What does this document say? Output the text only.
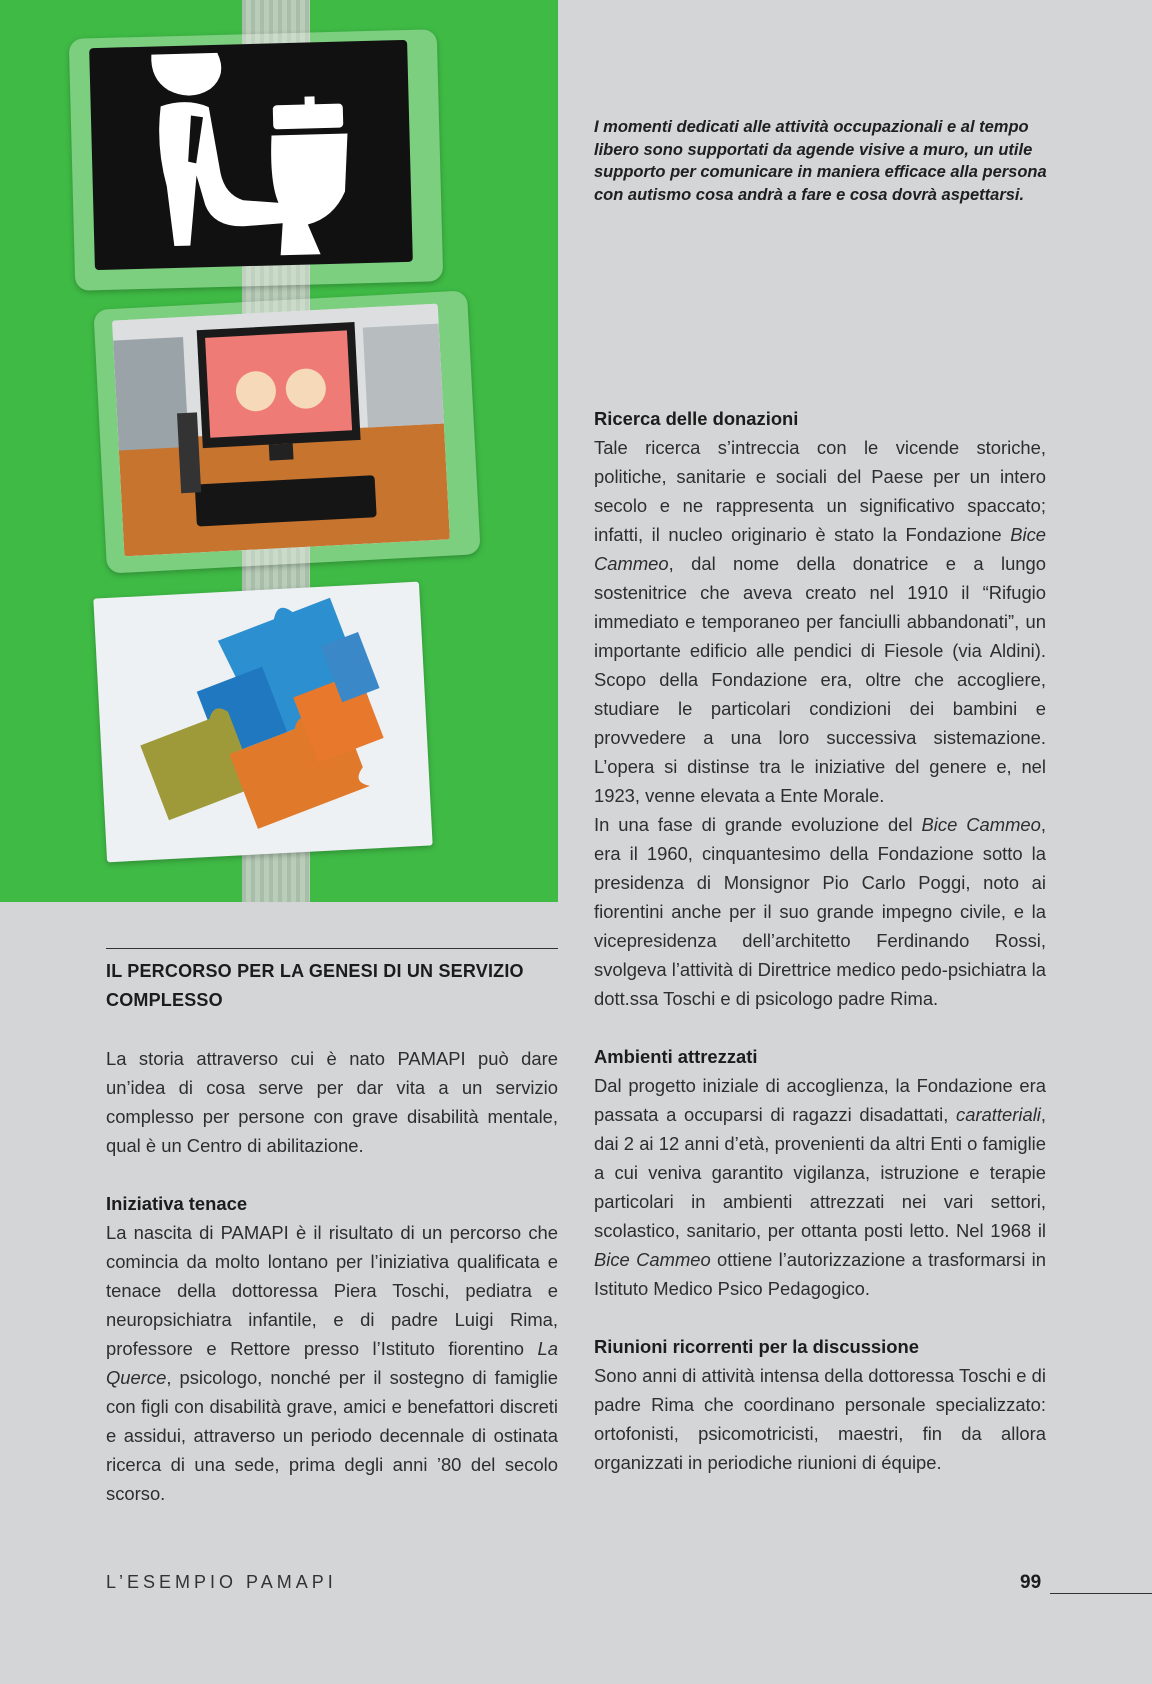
I momenti dedicati alle attività occupazionali e al tempo libero sono supportati da agende visive a muro, un utile supporto per comunicare in maniera efficace alla persona con autismo cosa andrà a fare e cosa dovrà aspettarsi.
IL PERCORSO PER LA GENESI DI UN SERVIZIO COMPLESSO

La storia attraverso cui è nato PAMAPI può dare un’idea di cosa serve per dar vita a un servizio complesso per persone con grave disabilità mentale, qual è un Centro di abilitazione.

Iniziativa tenace

La nascita di PAMAPI è il risultato di un percorso che comincia da molto lontano per l’iniziativa qualificata e tenace della dottoressa Piera Toschi, pediatra e neuropsichiatra infantile, e di padre Luigi Rima, professore e Rettore presso l’Istituto fiorentino La Querce, psicologo, nonché per il sostegno di famiglie con figli con disabilità grave, amici e benefattori discreti e assidui, attraverso un periodo decennale di ostinata ricerca di una sede, prima degli anni ’80 del secolo scorso.

Ricerca delle donazioni

Tale ricerca s’intreccia con le vicende storiche, politiche, sanitarie e sociali del Paese per un intero secolo e ne rappresenta un significativo spaccato; infatti, il nucleo originario è stato la Fondazione Bice Cammeo, dal nome della donatrice e a lungo sostenitrice che aveva creato nel 1910 il “Rifugio immediato e temporaneo per fanciulli abbandonati”, un importante edificio alle pendici di Fiesole (via Aldini). Scopo della Fondazione era, oltre che accogliere, studiare le particolari condizioni dei bambini e provvedere a una loro successiva sistemazione. L’opera si distinse tra le iniziative del genere e, nel 1923, venne elevata a Ente Morale.

In una fase di grande evoluzione del Bice Cammeo, era il 1960, cinquantesimo della Fondazione sotto la presidenza di Monsignor Pio Carlo Poggi, noto ai fiorentini anche per il suo grande impegno civile, e la vicepresidenza dell’architetto Ferdinando Rossi, svolgeva l’attività di Direttrice medico pedo-psichiatra la dott.ssa Toschi e di psicologo padre Rima.

Ambienti attrezzati

Dal progetto iniziale di accoglienza, la Fondazione era passata a occuparsi di ragazzi disadattati, caratteriali, dai 2 ai 12 anni d’età, provenienti da altri Enti o famiglie a cui veniva garantito vigilanza, istruzione e terapie particolari in ambienti attrezzati nei vari settori, scolastico, sanitario, per ottanta posti letto. Nel 1968 il Bice Cammeo ottiene l’autorizzazione a trasformarsi in Istituto Medico Psico Pedagogico.

Riunioni ricorrenti per la discussione

Sono anni di attività intensa della dottoressa Toschi e di padre Rima che coordinano personale specializzato: ortofonisti, psicomotricisti, maestri, fin da allora organizzati in periodiche riunioni di équipe.

L’ESEMPIO PAMAPI	99
